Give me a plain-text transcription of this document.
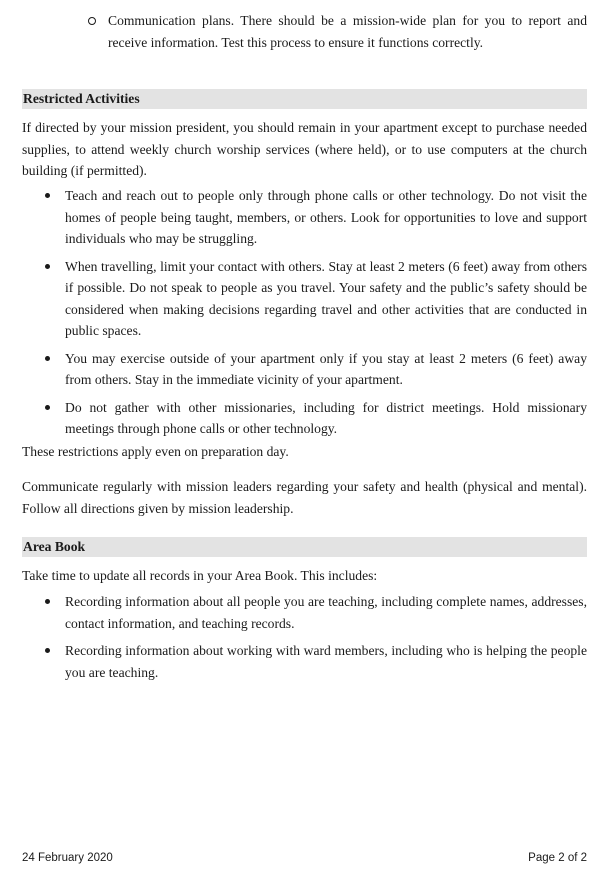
Communication plans. There should be a mission-wide plan for you to report and receive information. Test this process to ensure it functions correctly.

Restricted Activities

If directed by your mission president, you should remain in your apartment except to purchase needed supplies, to attend weekly church worship services (where held), or to use computers at the church building (if permitted).

Teach and reach out to people only through phone calls or other technology. Do not visit the homes of people being taught, members, or others. Look for opportunities to love and support individuals who may be struggling.

When travelling, limit your contact with others. Stay at least 2 meters (6 feet) away from others if possible. Do not speak to people as you travel. Your safety and the public’s safety should be considered when making decisions regarding travel and other activities that are conducted in public spaces.

You may exercise outside of your apartment only if you stay at least 2 meters (6 feet) away from others. Stay in the immediate vicinity of your apartment.

Do not gather with other missionaries, including for district meetings. Hold missionary meetings through phone calls or other technology.

These restrictions apply even on preparation day.

Communicate regularly with mission leaders regarding your safety and health (physical and mental). Follow all directions given by mission leadership.

Area Book

Take time to update all records in your Area Book. This includes:

Recording information about all people you are teaching, including complete names, addresses, contact information, and teaching records.

Recording information about working with ward members, including who is helping the people you are teaching.

24 February 2020	Page 2 of 2
